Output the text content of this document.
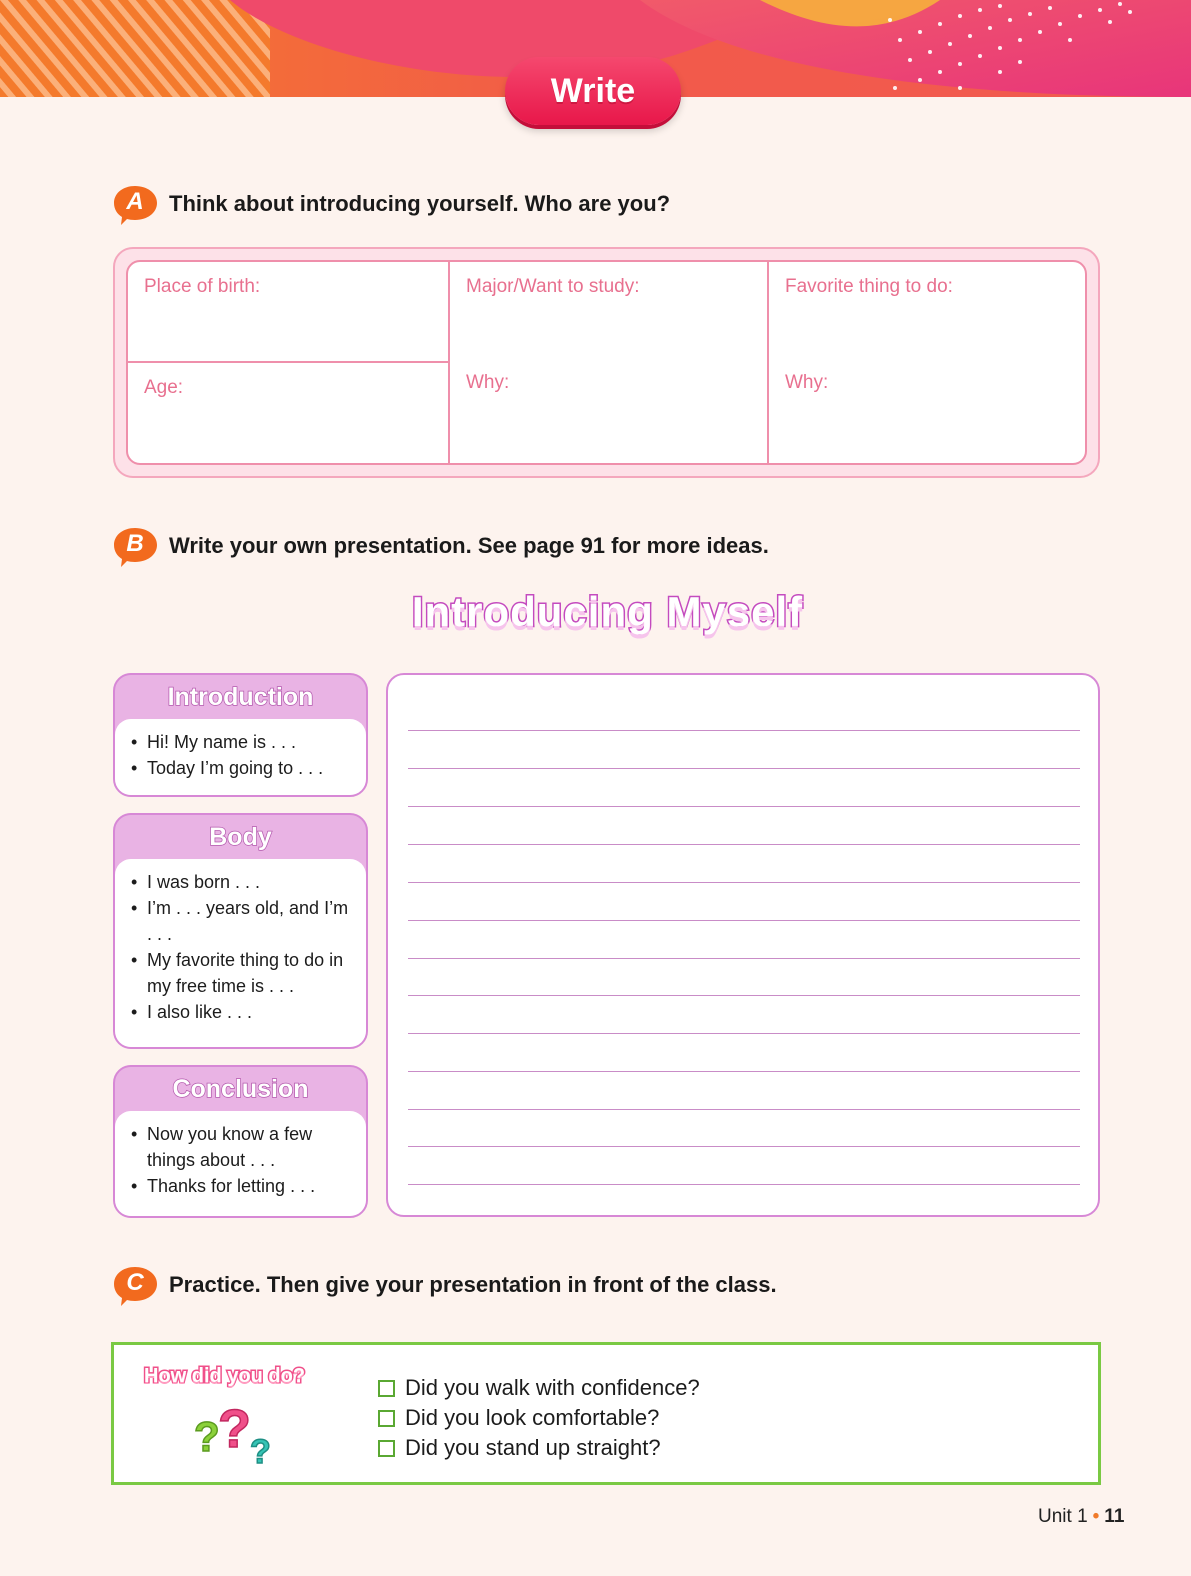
Write
A	Think about introducing yourself. Who are you?
Place of birth:
Age:
Major/Want to study:
Why:
Favorite thing to do:
Why:
B	Write your own presentation. See page 91 for more ideas.
Introducing Myself
Introduction
• Hi! My name is . . .
• Today I’m going to . . .
Body
• I was born . . .
• I’m . . . years old, and I’m . . .
• My favorite thing to do in my free time is . . .
• I also like . . .
Conclusion
• Now you know a few things about . . .
• Thanks for letting . . .
C	Practice. Then give your presentation in front of the class.
How did you do?
?
? ?
Did you walk with confidence?
Did you look comfortable?
Did you stand up straight?
Unit 1 • 11
